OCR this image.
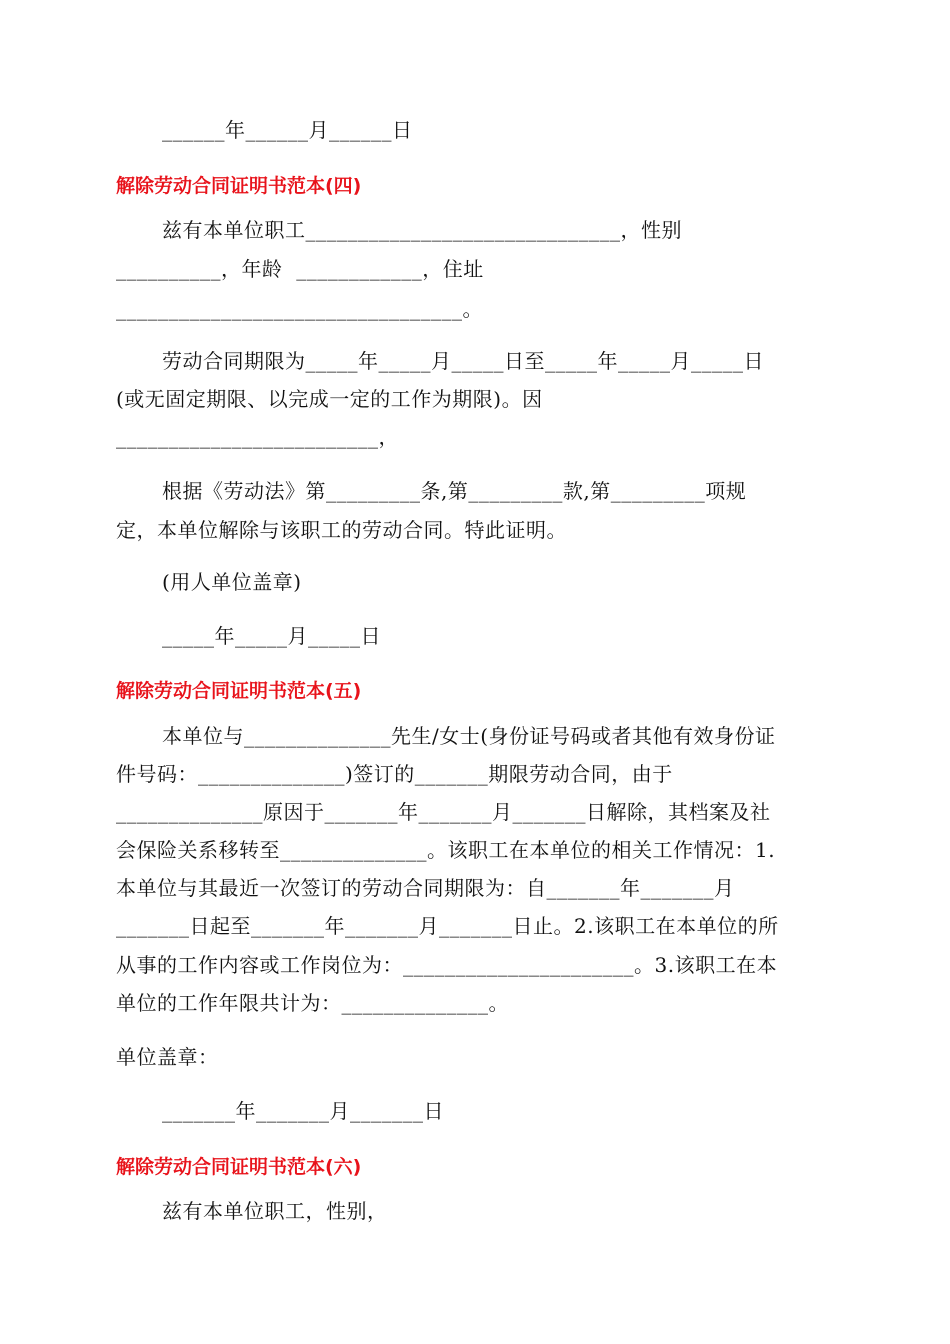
______年______月______日
解除劳动合同证明书范本(四)
兹有本单位职工______________________________，性别
__________，年龄  ____________，住址
_________________________________。
劳动合同期限为_____年_____月_____日至_____年_____月_____日
(或无固定期限、以完成一定的工作为期限)。因
_________________________，
根据《劳动法》第_________条,第_________款,第_________项规
定，本单位解除与该职工的劳动合同。特此证明。
(用人单位盖章)
_____年_____月_____日
解除劳动合同证明书范本(五)
本单位与______________先生/女士(身份证号码或者其他有效身份证
件号码：______________)签订的_______期限劳动合同，由于
______________原因于_______年_______月_______日解除，其档案及社
会保险关系移转至______________。该职工在本单位的相关工作情况：1.
本单位与其最近一次签订的劳动合同期限为：自_______年_______月
_______日起至_______年_______月_______日止。2.该职工在本单位的所
从事的工作内容或工作岗位为：______________________。3.该职工在本
单位的工作年限共计为：______________。
单位盖章：
_______年_______月_______日
解除劳动合同证明书范本(六)
兹有本单位职工，性别，
